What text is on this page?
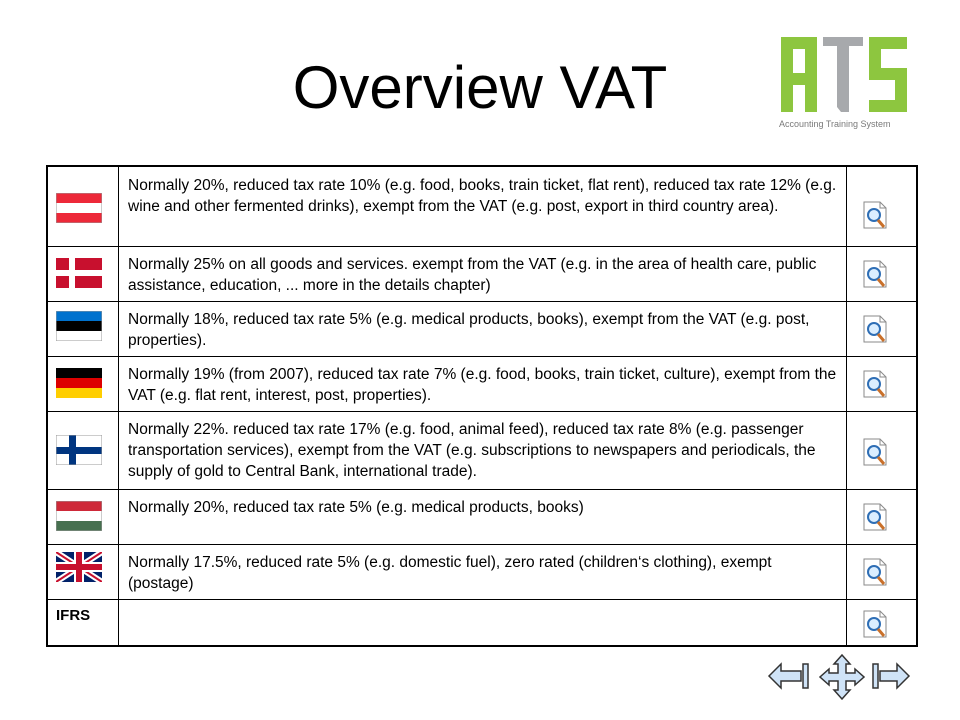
Overview VAT
Accounting Training System
Normally 20%, reduced tax rate 10% (e.g. food, books, train ticket, flat rent), reduced tax rate 12% (e.g. wine and other fermented drinks), exempt from the VAT (e.g. post, export in third country area).
Normally 25% on all goods and services. exempt from the VAT (e.g. in the area of health care, public assistance, education, ... more in the details chapter)
Normally 18%, reduced tax rate 5% (e.g. medical products, books), exempt from the VAT (e.g. post, properties).
Normally 19% (from 2007), reduced tax rate 7% (e.g. food, books, train ticket, culture), exempt from the VAT (e.g. flat rent, interest, post, properties).
Normally 22%. reduced tax rate 17% (e.g. food, animal feed), reduced tax rate 8% (e.g. passenger transportation services), exempt from the VAT (e.g. subscriptions to newspapers and periodicals, the supply of gold to Central Bank, international trade).
Normally 20%, reduced tax rate 5% (e.g. medical products, books)
Normally 17.5%, reduced rate 5% (e.g. domestic fuel), zero rated (children‘s clothing), exempt (postage)
IFRS
